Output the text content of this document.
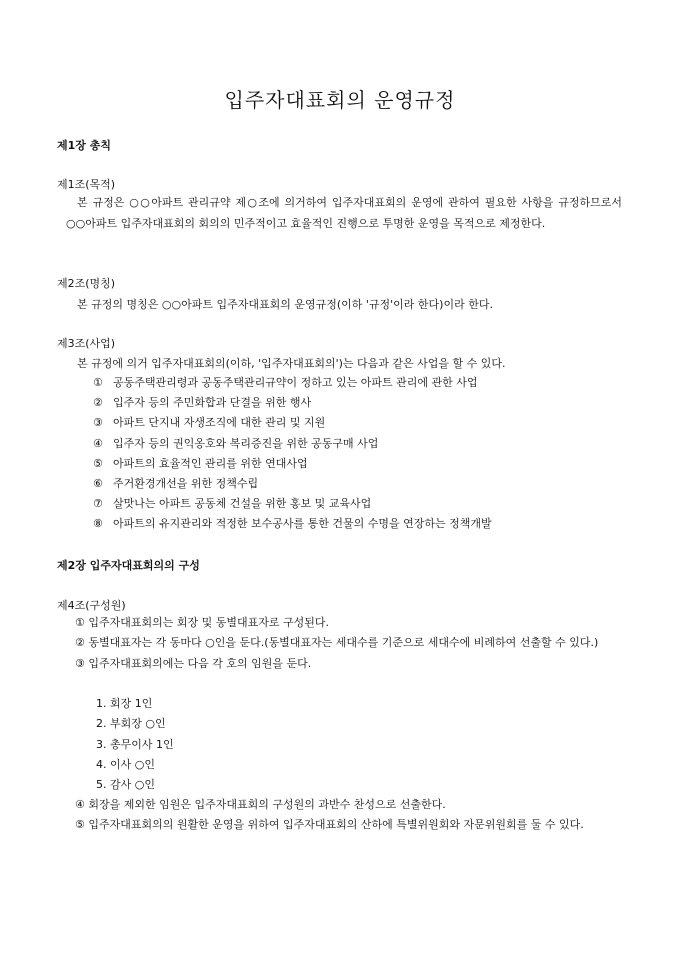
입주자대표회의 운영규정
제1장 총칙
제1조(목적)
본 규정은 ○○아파트 관리규약 제○조에 의거하여 입주자대표회의 운영에 관하여 필요한 사항을 규정하므로서 ○○아파트 입주자대표회의 회의의 민주적이고 효율적인 진행으로 투명한 운영을 목적으로 제정한다.
제2조(명칭)
본 규정의 명칭은 ○○아파트 입주자대표회의 운영규정(이하 '규정'이라 한다)이라 한다.
제3조(사업)
본 규정에 의거 입주자대표회의(이하, '입주자대표회의')는 다음과 같은 사업을 할 수 있다.
① 공동주택관리령과 공동주택관리규약이 정하고 있는 아파트 관리에 관한 사업
② 입주자 등의 주민화합과 단결을 위한 행사
③ 아파트 단지내 자생조직에 대한 관리 및 지원
④ 입주자 등의 권익옹호와 복리증진을 위한 공동구매 사업
⑤ 아파트의 효율적인 관리를 위한 연대사업
⑥ 주거환경개선을 위한 정책수립
⑦ 살맛나는 아파트 공동체 건설을 위한 홍보 및 교육사업
⑧ 아파트의 유지관리와 적정한 보수공사를 통한 건물의 수명을 연장하는 정책개발
제2장 입주자대표회의의 구성
제4조(구성원)
① 입주자대표회의는 회장 및 동별대표자로 구성된다.
② 동별대표자는 각 동마다 ○인을 둔다.(동별대표자는 세대수를 기준으로 세대수에 비례하여 선출할 수 있다.)
③ 입주자대표회의에는 다음 각 호의 임원을 둔다.
1. 회장 1인
2. 부회장 ○인
3. 총무이사 1인
4. 이사 ○인
5. 감사 ○인
④ 회장을 제외한 임원은 입주자대표회의 구성원의 과반수 찬성으로 선출한다.
⑤ 입주자대표회의의 원활한 운영을 위하여 입주자대표회의 산하에 특별위원회와 자문위원회를 둘 수 있다.
